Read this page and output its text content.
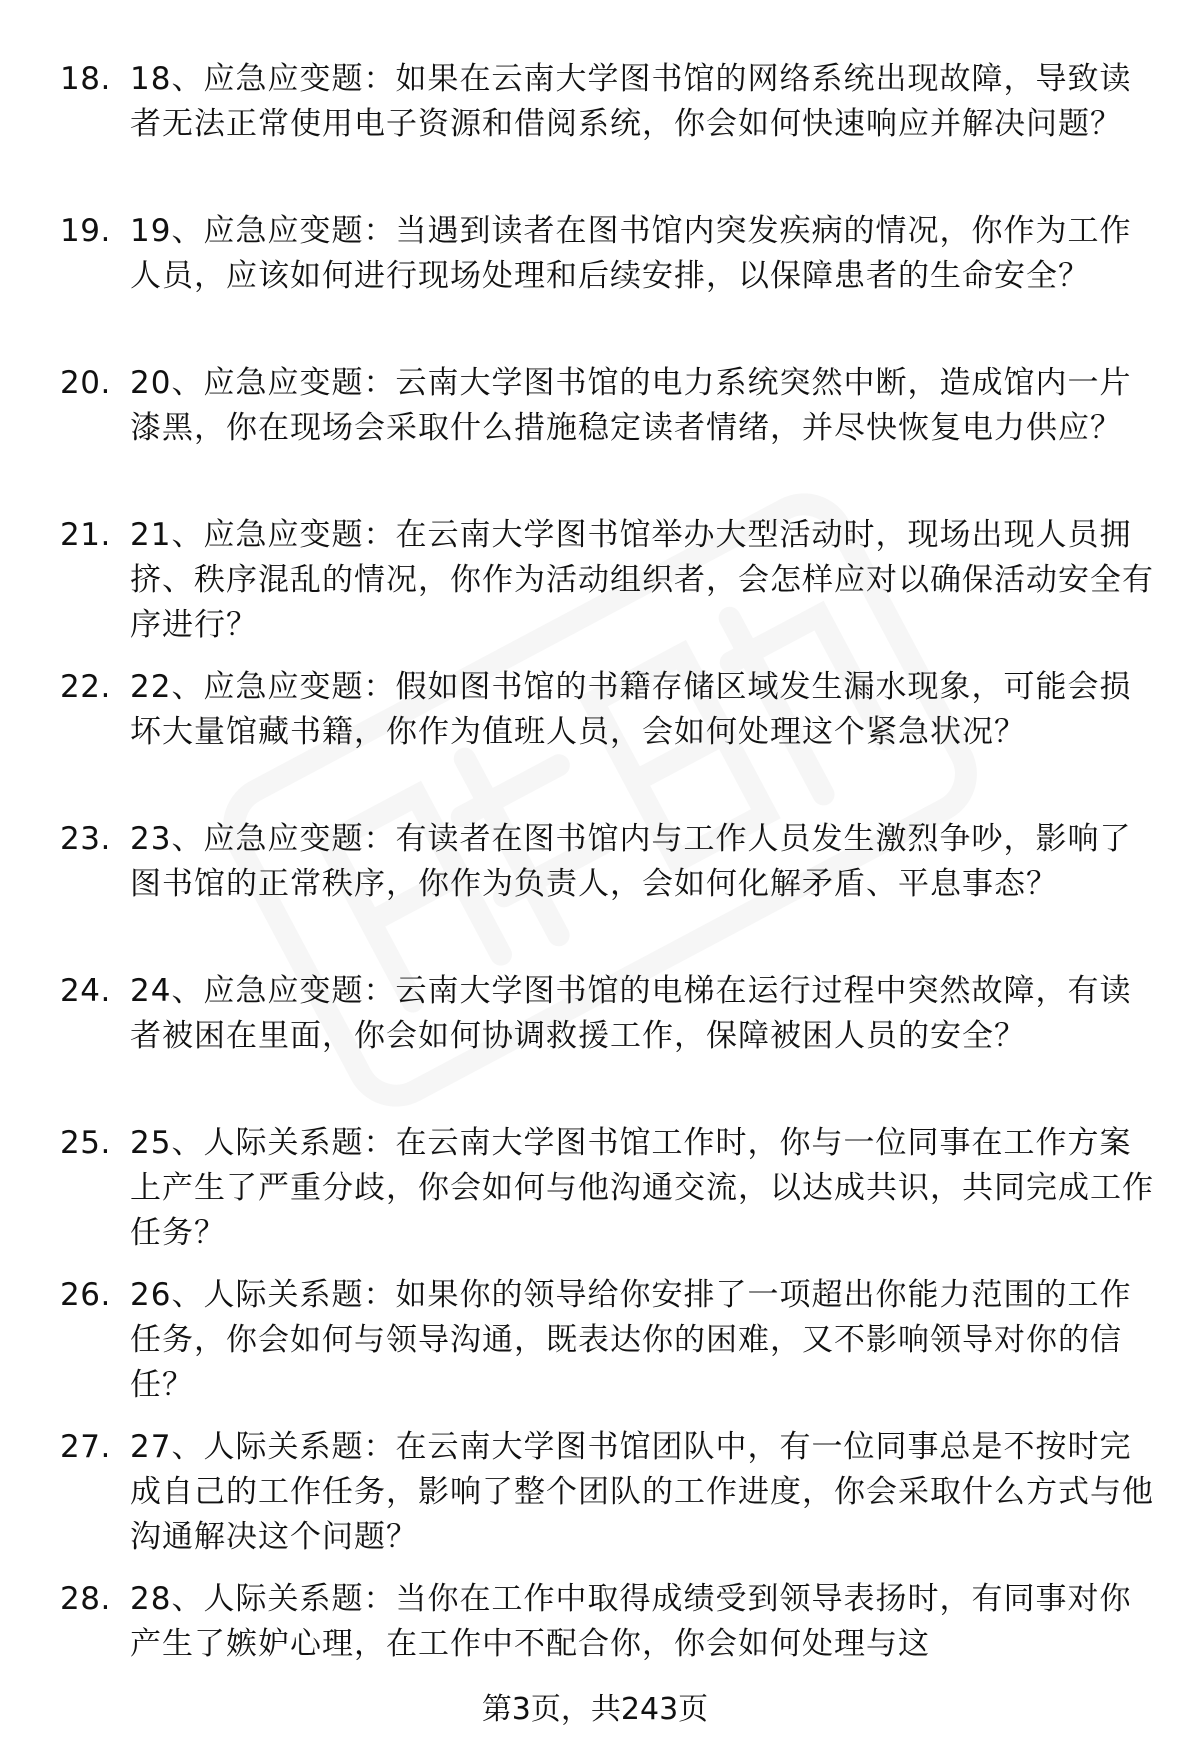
18. 18、应急应变题：如果在云南大学图书馆的网络系统出现故障，导致读者无法正常使用电子资源和借阅系统，你会如何快速响应并解决问题？
19. 19、应急应变题：当遇到读者在图书馆内突发疾病的情况，你作为工作人员，应该如何进行现场处理和后续安排，以保障患者的生命安全？
20. 20、应急应变题：云南大学图书馆的电力系统突然中断，造成馆内一片漆黑，你在现场会采取什么措施稳定读者情绪，并尽快恢复电力供应？
21. 21、应急应变题：在云南大学图书馆举办大型活动时，现场出现人员拥挤、秩序混乱的情况，你作为活动组织者，会怎样应对以确保活动安全有序进行？
22. 22、应急应变题：假如图书馆的书籍存储区域发生漏水现象，可能会损坏大量馆藏书籍，你作为值班人员，会如何处理这个紧急状况？
23. 23、应急应变题：有读者在图书馆内与工作人员发生激烈争吵，影响了图书馆的正常秩序，你作为负责人，会如何化解矛盾、平息事态？
24. 24、应急应变题：云南大学图书馆的电梯在运行过程中突然故障，有读者被困在里面，你会如何协调救援工作，保障被困人员的安全？
25. 25、人际关系题：在云南大学图书馆工作时，你与一位同事在工作方案上产生了严重分歧，你会如何与他沟通交流，以达成共识，共同完成工作任务？
26. 26、人际关系题：如果你的领导给你安排了一项超出你能力范围的工作任务，你会如何与领导沟通，既表达你的困难，又不影响领导对你的信任？
27. 27、人际关系题：在云南大学图书馆团队中，有一位同事总是不按时完成自己的工作任务，影响了整个团队的工作进度，你会采取什么方式与他沟通解决这个问题？
28. 28、人际关系题：当你在工作中取得成绩受到领导表扬时，有同事对你产生了嫉妒心理，在工作中不配合你，你会如何处理与这
第3页，共243页
